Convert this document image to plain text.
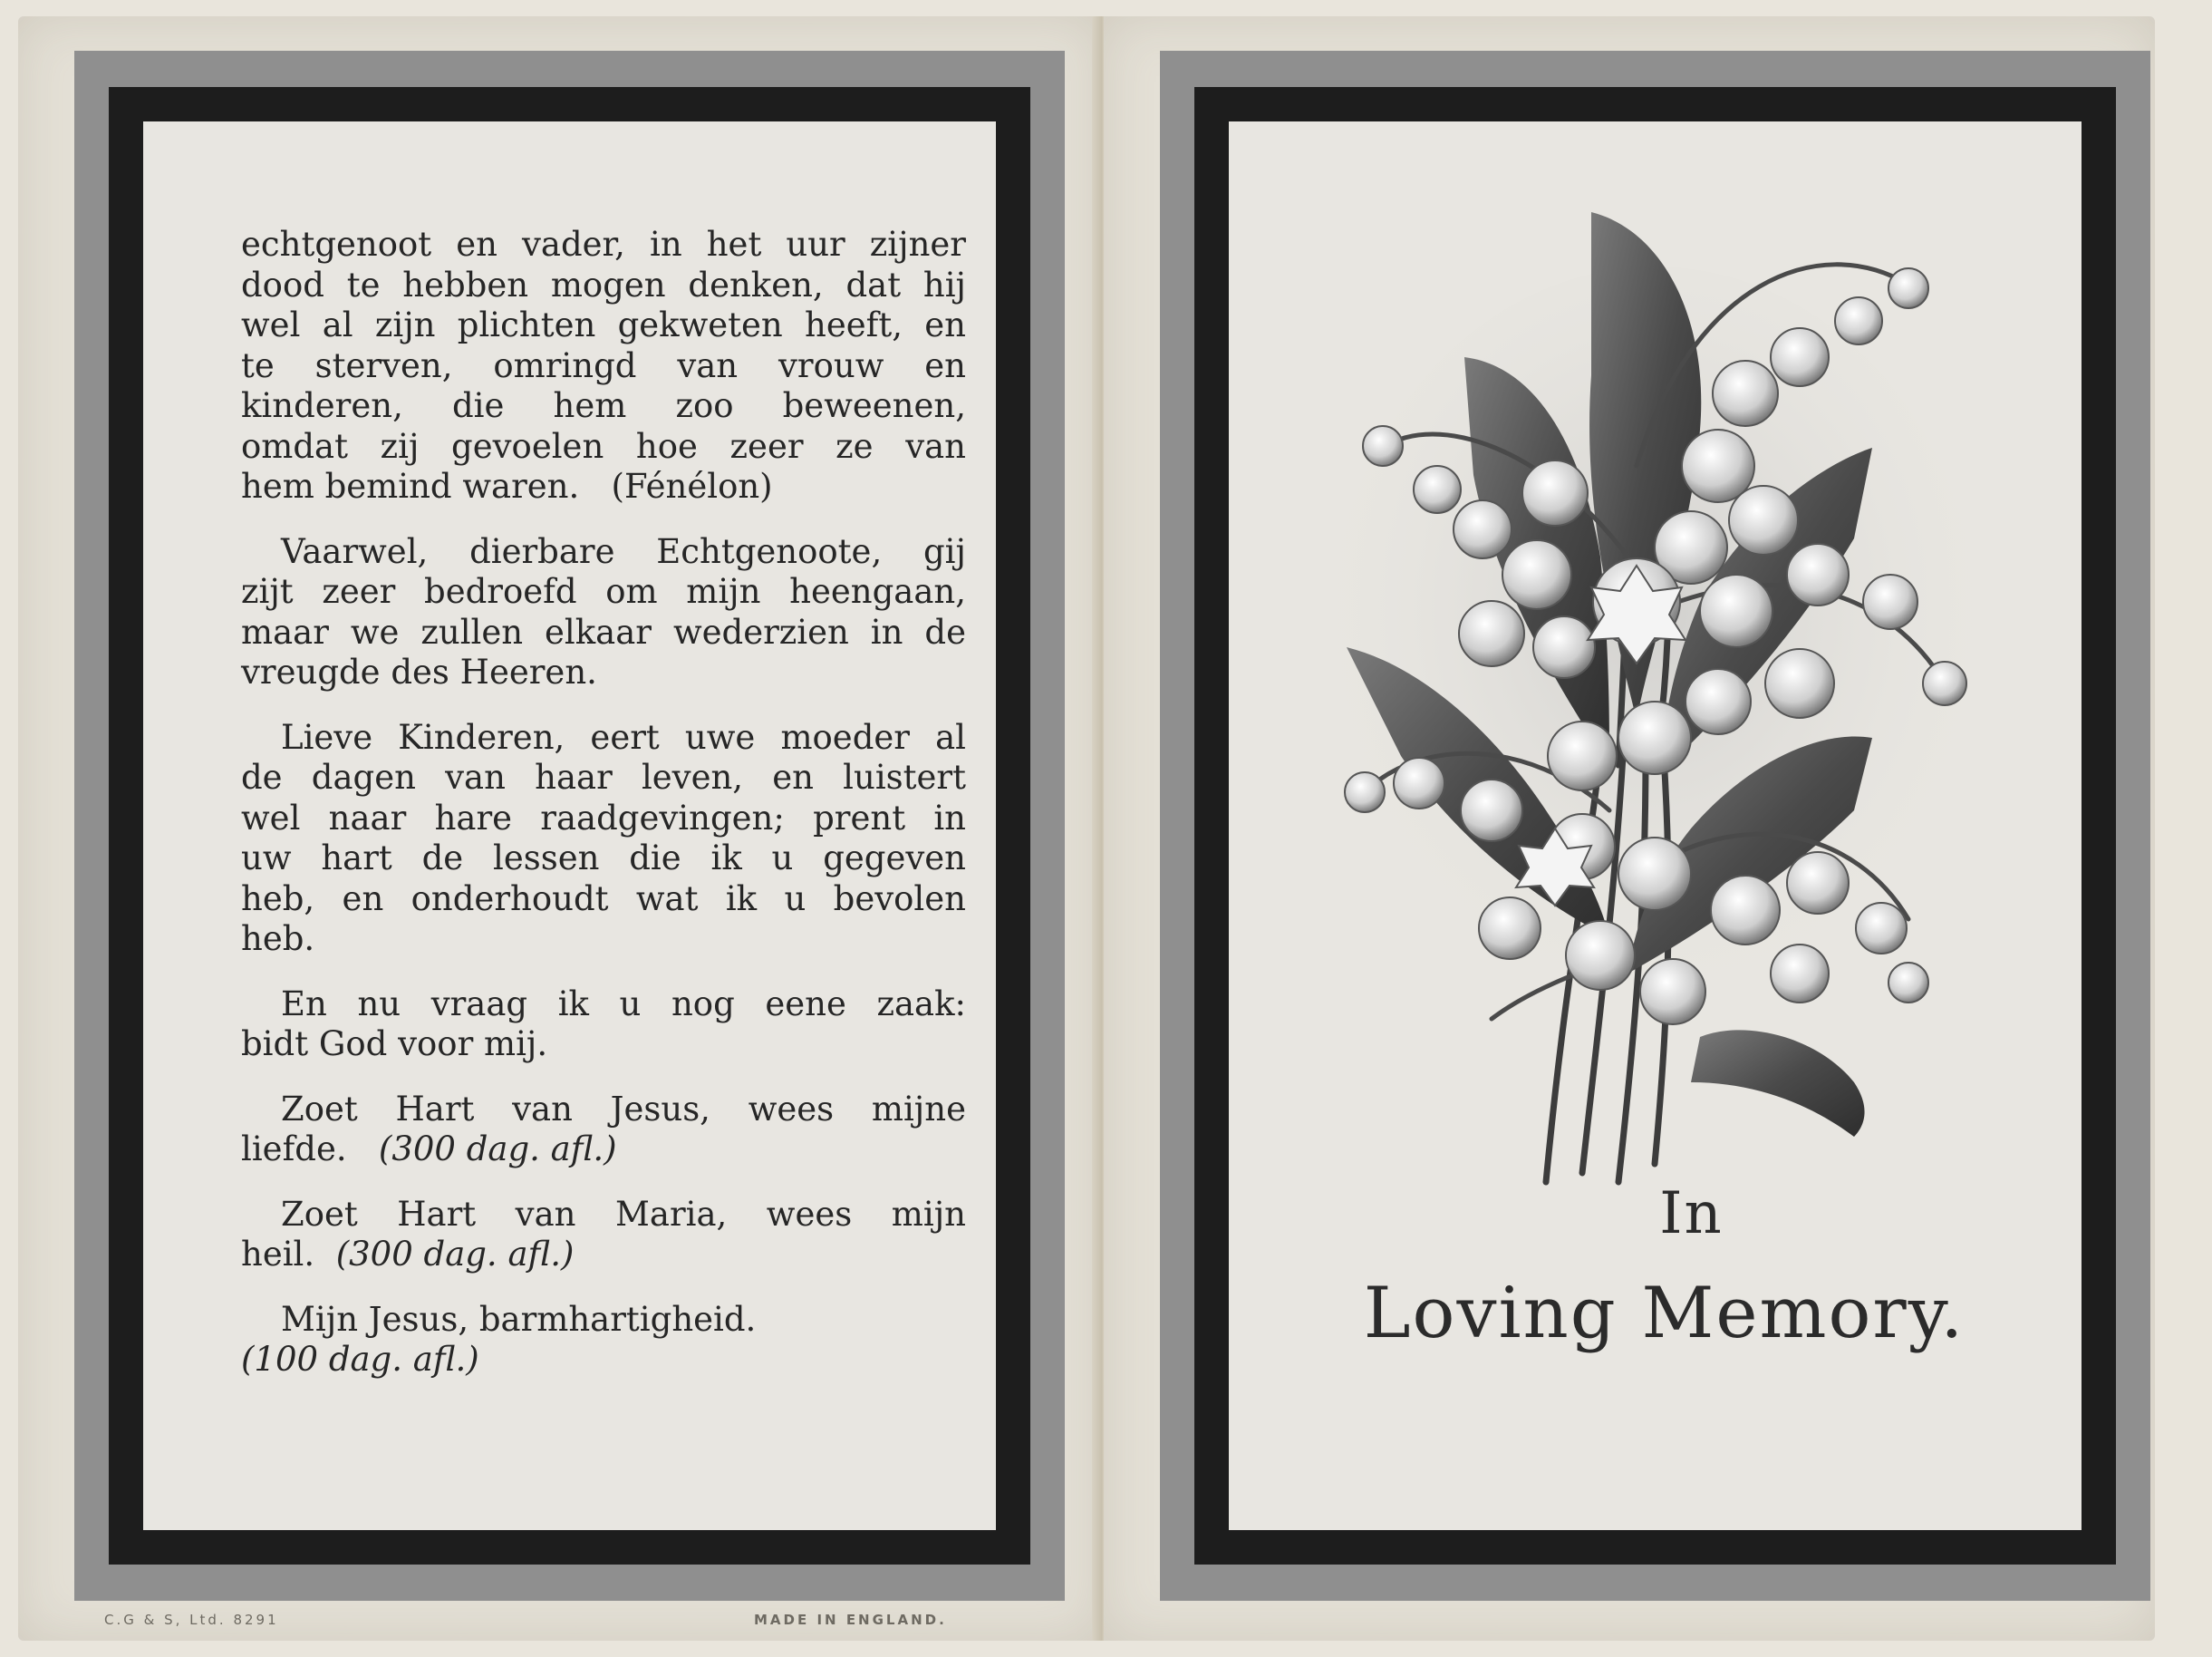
echtgenoot en vader, in het uur zijner
dood te hebben mogen denken, dat hij
wel al zijn plichten gekweten heeft, en
te sterven, omringd van vrouw en
kinderen, die hem zoo beweenen,
omdat zij gevoelen hoe zeer ze van
hem bemind waren.   (Fénélon)

Vaarwel, dierbare Echtgenoote, gij
zijt zeer bedroefd om mijn heengaan,
maar we zullen elkaar wederzien in de
vreugde des Heeren.

Lieve Kinderen, eert uwe moeder al
de dagen van haar leven, en luistert
wel naar hare raadgevingen; prent in
uw hart de lessen die ik u gegeven
heb, en onderhoudt wat ik u bevolen
heb.

En nu vraag ik u nog eene zaak:
bidt God voor mij.

Zoet Hart van Jesus, wees mijne
liefde. (300 dag. afl.)

Zoet Hart van Maria, wees mijn
heil. (300 dag. afl.)

Mijn Jesus, barmhartigheid.
(100 dag. afl.)

C.G & S, Ltd. 8291	MADE IN ENGLAND.
In
Loving Memory.
